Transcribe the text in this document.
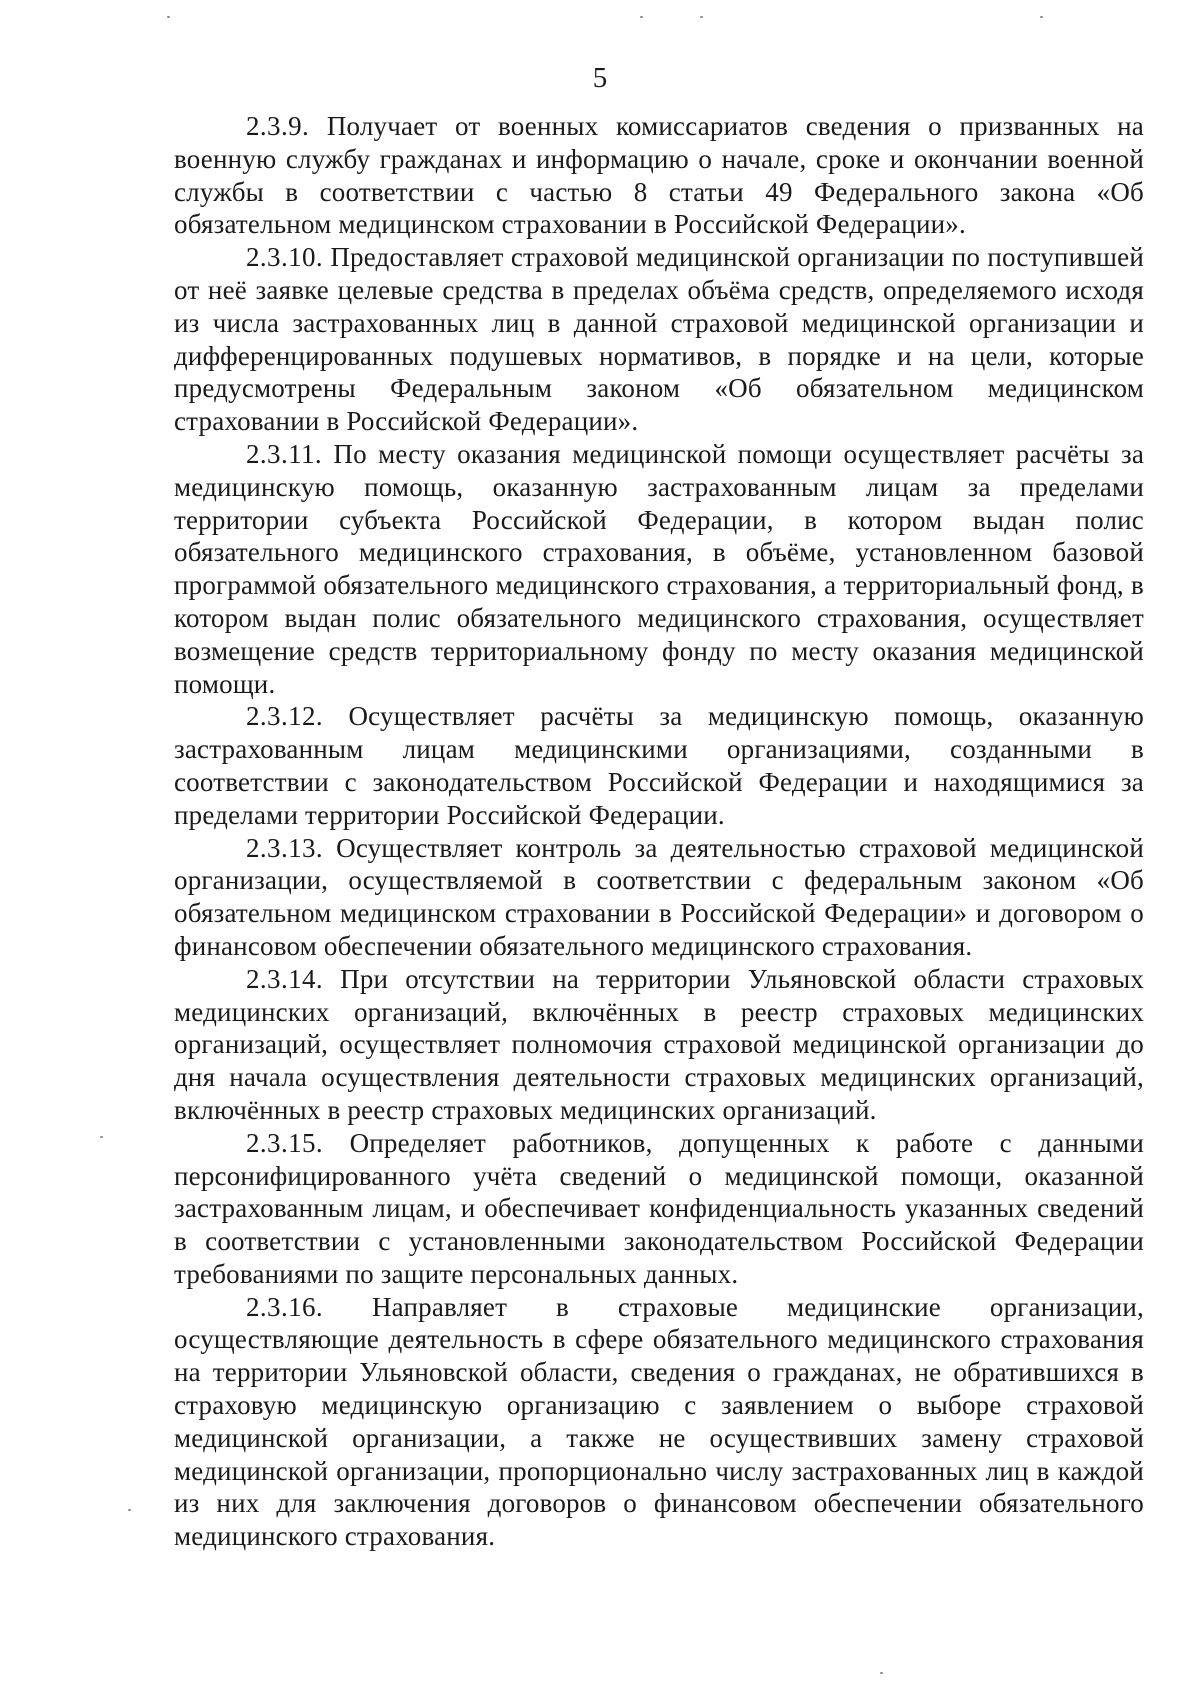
5

2.3.9. Получает от военных комиссариатов сведения о призванных на военную службу гражданах и информацию о начале, сроке и окончании военной службы в соответствии с частью 8 статьи 49 Федерального закона «Об обязательном медицинском страховании в Российской Федерации».

2.3.10. Предоставляет страховой медицинской организации по поступившей от неё заявке целевые средства в пределах объёма средств, определяемого исходя из числа застрахованных лиц в данной страховой медицинской организации и дифференцированных подушевых нормативов, в порядке и на цели, которые предусмотрены Федеральным законом «Об обязательном медицинском страховании в Российской Федерации».

2.3.11. По месту оказания медицинской помощи осуществляет расчёты за медицинскую помощь, оказанную застрахованным лицам за пределами территории субъекта Российской Федерации, в котором выдан полис обязательного медицинского страхования, в объёме, установленном базовой программой обязательного медицинского страхования, а территориальный фонд, в котором выдан полис обязательного медицинского страхования, осуществляет возмещение средств территориальному фонду по месту оказания медицинской помощи.

2.3.12. Осуществляет расчёты за медицинскую помощь, оказанную застрахованным лицам медицинскими организациями, созданными в соответствии с законодательством Российской Федерации и находящимися за пределами территории Российской Федерации.

2.3.13. Осуществляет контроль за деятельностью страховой медицинской организации, осуществляемой в соответствии с федеральным законом «Об обязательном медицинском страховании в Российской Федерации» и договором о финансовом обеспечении обязательного медицинского страхования.

2.3.14. При отсутствии на территории Ульяновской области страховых медицинских организаций, включённых в реестр страховых медицинских организаций, осуществляет полномочия страховой медицинской организации до дня начала осуществления деятельности страховых медицинских организаций, включённых в реестр страховых медицинских организаций.

2.3.15. Определяет работников, допущенных к работе с данными персонифицированного учёта сведений о медицинской помощи, оказанной застрахованным лицам, и обеспечивает конфиденциальность указанных сведений в соответствии с установленными законодательством Российской Федерации требованиями по защите персональных данных.

2.3.16. Направляет в страховые медицинские организации, осуществляющие деятельность в сфере обязательного медицинского страхования на территории Ульяновской области, сведения о гражданах, не обратившихся в страховую медицинскую организацию с заявлением о выборе страховой медицинской организации, а также не осуществивших замену страховой медицинской организации, пропорционально числу застрахованных лиц в каждой из них для заключения договоров о финансовом обеспечении обязательного медицинского страхования.
